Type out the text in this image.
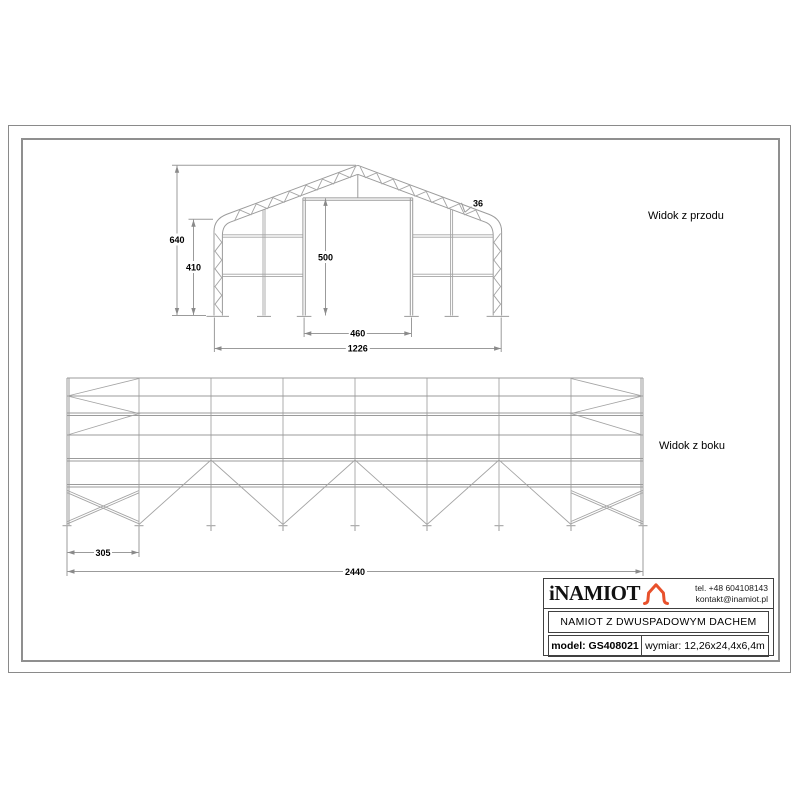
640
410
500
460
1226
36
305
2440
Widok z przodu
Widok z boku
iNAMIOT	tel. +48 604108143
kontakt@inamiot.pl
NAMIOT Z DWUSPADOWYM DACHEM
model: GS408021 wymiar: 12,26x24,4x6,4m
